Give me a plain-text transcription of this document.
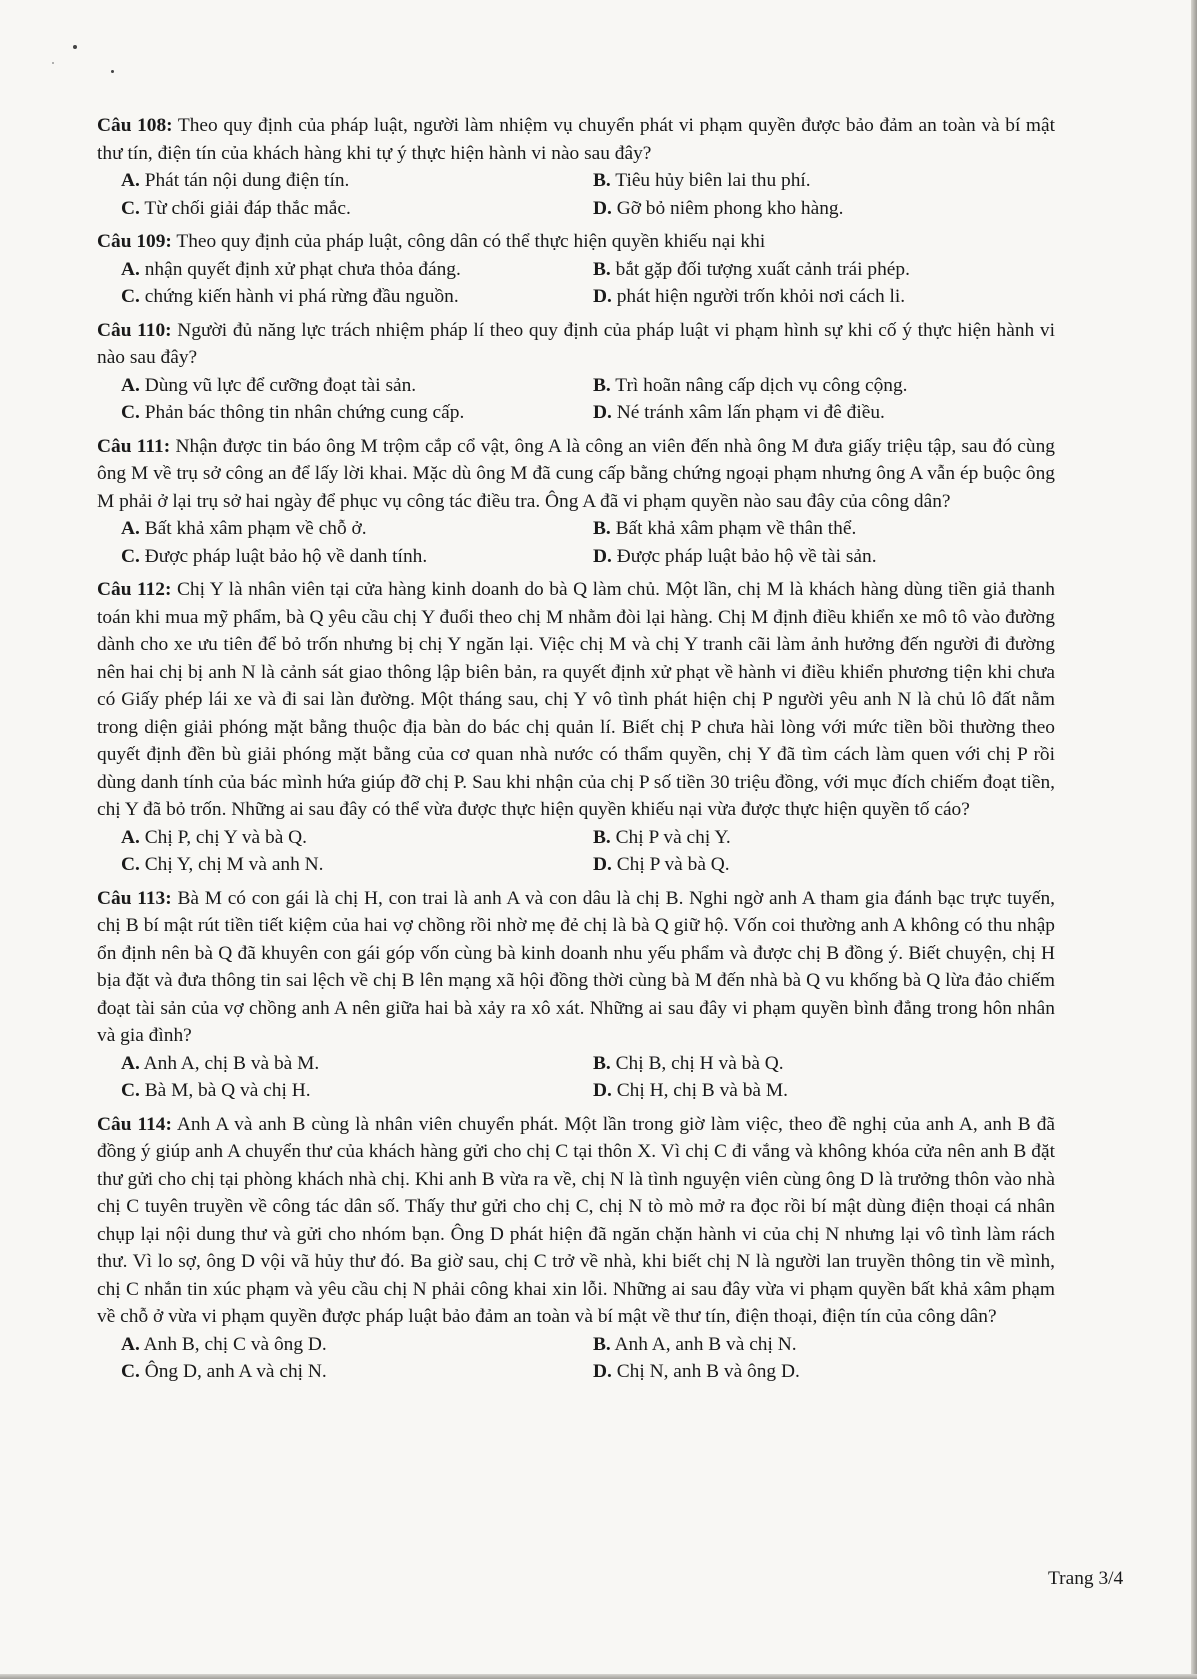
Câu 108: Theo quy định của pháp luật, người làm nhiệm vụ chuyển phát vi phạm quyền được bảo đảm an toàn và bí mật thư tín, điện tín của khách hàng khi tự ý thực hiện hành vi nào sau đây?

A. Phát tán nội dung điện tín.	B. Tiêu hủy biên lai thu phí.
C. Từ chối giải đáp thắc mắc.	D. Gỡ bỏ niêm phong kho hàng.

Câu 109: Theo quy định của pháp luật, công dân có thể thực hiện quyền khiếu nại khi

A. nhận quyết định xử phạt chưa thỏa đáng.	B. bắt gặp đối tượng xuất cảnh trái phép.
C. chứng kiến hành vi phá rừng đầu nguồn.	D. phát hiện người trốn khỏi nơi cách li.

Câu 110: Người đủ năng lực trách nhiệm pháp lí theo quy định của pháp luật vi phạm hình sự khi cố ý thực hiện hành vi nào sau đây?

A. Dùng vũ lực để cưỡng đoạt tài sản.	B. Trì hoãn nâng cấp dịch vụ công cộng.
C. Phản bác thông tin nhân chứng cung cấp.	D. Né tránh xâm lấn phạm vi đê điều.

Câu 111: Nhận được tin báo ông M trộm cắp cổ vật, ông A là công an viên đến nhà ông M đưa giấy triệu tập, sau đó cùng ông M về trụ sở công an để lấy lời khai. Mặc dù ông M đã cung cấp bằng chứng ngoại phạm nhưng ông A vẫn ép buộc ông M phải ở lại trụ sở hai ngày để phục vụ công tác điều tra. Ông A đã vi phạm quyền nào sau đây của công dân?

A. Bất khả xâm phạm về chỗ ở.	B. Bất khả xâm phạm về thân thể.
C. Được pháp luật bảo hộ về danh tính.	D. Được pháp luật bảo hộ về tài sản.

Câu 112: Chị Y là nhân viên tại cửa hàng kinh doanh do bà Q làm chủ. Một lần, chị M là khách hàng dùng tiền giả thanh toán khi mua mỹ phẩm, bà Q yêu cầu chị Y đuổi theo chị M nhằm đòi lại hàng. Chị M định điều khiển xe mô tô vào đường dành cho xe ưu tiên để bỏ trốn nhưng bị chị Y ngăn lại. Việc chị M và chị Y tranh cãi làm ảnh hưởng đến người đi đường nên hai chị bị anh N là cảnh sát giao thông lập biên bản, ra quyết định xử phạt về hành vi điều khiển phương tiện khi chưa có Giấy phép lái xe và đi sai làn đường. Một tháng sau, chị Y vô tình phát hiện chị P người yêu anh N là chủ lô đất nằm trong diện giải phóng mặt bằng thuộc địa bàn do bác chị quản lí. Biết chị P chưa hài lòng với mức tiền bồi thường theo quyết định đền bù giải phóng mặt bằng của cơ quan nhà nước có thẩm quyền, chị Y đã tìm cách làm quen với chị P rồi dùng danh tính của bác mình hứa giúp đỡ chị P. Sau khi nhận của chị P số tiền 30 triệu đồng, với mục đích chiếm đoạt tiền, chị Y đã bỏ trốn. Những ai sau đây có thể vừa được thực hiện quyền khiếu nại vừa được thực hiện quyền tố cáo?

A. Chị P, chị Y và bà Q.	B. Chị P và chị Y.
C. Chị Y, chị M và anh N.	D. Chị P và bà Q.

Câu 113: Bà M có con gái là chị H, con trai là anh A và con dâu là chị B. Nghi ngờ anh A tham gia đánh bạc trực tuyến, chị B bí mật rút tiền tiết kiệm của hai vợ chồng rồi nhờ mẹ đẻ chị là bà Q giữ hộ. Vốn coi thường anh A không có thu nhập ổn định nên bà Q đã khuyên con gái góp vốn cùng bà kinh doanh nhu yếu phẩm và được chị B đồng ý. Biết chuyện, chị H bịa đặt và đưa thông tin sai lệch về chị B lên mạng xã hội đồng thời cùng bà M đến nhà bà Q vu khống bà Q lừa đảo chiếm đoạt tài sản của vợ chồng anh A nên giữa hai bà xảy ra xô xát. Những ai sau đây vi phạm quyền bình đẳng trong hôn nhân và gia đình?

A. Anh A, chị B và bà M.	B. Chị B, chị H và bà Q.
C. Bà M, bà Q và chị H.	D. Chị H, chị B và bà M.

Câu 114: Anh A và anh B cùng là nhân viên chuyển phát. Một lần trong giờ làm việc, theo đề nghị của anh A, anh B đã đồng ý giúp anh A chuyển thư của khách hàng gửi cho chị C tại thôn X. Vì chị C đi vắng và không khóa cửa nên anh B đặt thư gửi cho chị tại phòng khách nhà chị. Khi anh B vừa ra về, chị N là tình nguyện viên cùng ông D là trưởng thôn vào nhà chị C tuyên truyền về công tác dân số. Thấy thư gửi cho chị C, chị N tò mò mở ra đọc rồi bí mật dùng điện thoại cá nhân chụp lại nội dung thư và gửi cho nhóm bạn. Ông D phát hiện đã ngăn chặn hành vi của chị N nhưng lại vô tình làm rách thư. Vì lo sợ, ông D vội vã hủy thư đó. Ba giờ sau, chị C trở về nhà, khi biết chị N là người lan truyền thông tin về mình, chị C nhắn tin xúc phạm và yêu cầu chị N phải công khai xin lỗi. Những ai sau đây vừa vi phạm quyền bất khả xâm phạm về chỗ ở vừa vi phạm quyền được pháp luật bảo đảm an toàn và bí mật về thư tín, điện thoại, điện tín của công dân?

A. Anh B, chị C và ông D.	B. Anh A, anh B và chị N.
C. Ông D, anh A và chị N.	D. Chị N, anh B và ông D.
Trang 3/4
